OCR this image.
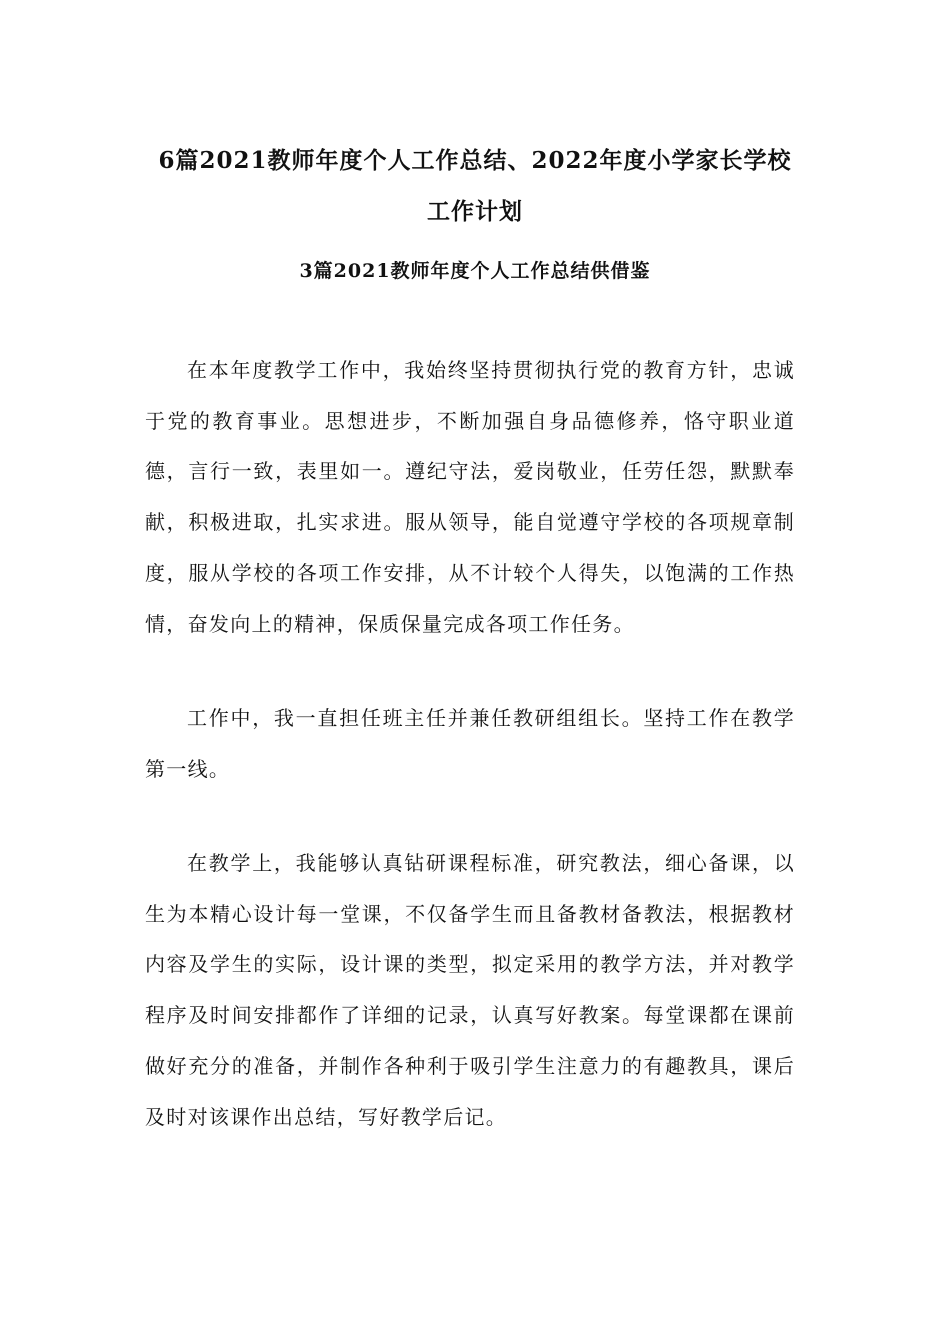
6篇2021教师年度个人工作总结、2022年度小学家长学校
工作计划
3篇2021教师年度个人工作总结供借鉴

在本年度教学工作中，我始终坚持贯彻执行党的教育方针，忠诚于党的教育事业。思想进步，不断加强自身品德修养，恪守职业道德，言行一致，表里如一。遵纪守法，爱岗敬业，任劳任怨，默默奉献，积极进取，扎实求进。服从领导，能自觉遵守学校的各项规章制度，服从学校的各项工作安排，从不计较个人得失，以饱满的工作热情，奋发向上的精神，保质保量完成各项工作任务。

工作中，我一直担任班主任并兼任教研组组长。坚持工作在教学第一线。

在教学上，我能够认真钻研课程标准，研究教法，细心备课，以生为本精心设计每一堂课，不仅备学生而且备教材备教法，根据教材内容及学生的实际，设计课的类型，拟定采用的教学方法，并对教学程序及时间安排都作了详细的记录，认真写好教案。每堂课都在课前做好充分的准备，并制作各种利于吸引学生注意力的有趣教具，课后及时对该课作出总结，写好教学后记。
